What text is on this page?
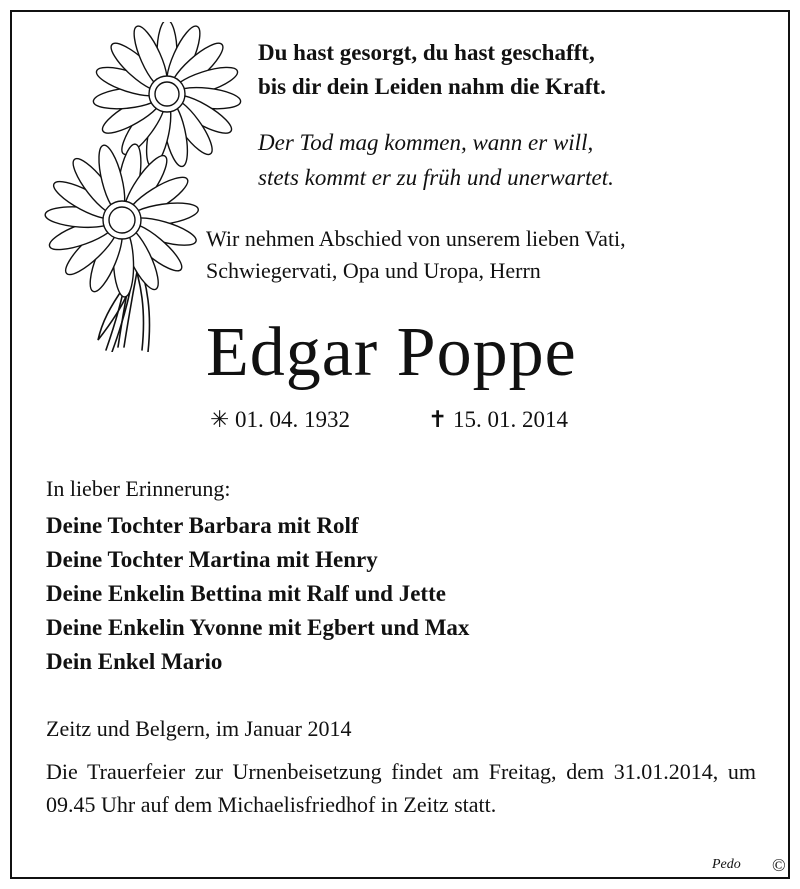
Du hast gesorgt, du hast geschafft,
bis dir dein Leiden nahm die Kraft.
Der Tod mag kommen, wann er will,
stets kommt er zu früh und unerwartet.
Wir nehmen Abschied von unserem lieben Vati,
Schwiegervati, Opa und Uropa, Herrn
Edgar Poppe
✳ 01. 04. 1932	✝ 15. 01. 2014
In lieber Erinnerung:
Deine Tochter Barbara mit Rolf
Deine Tochter Martina mit Henry
Deine Enkelin Bettina mit Ralf und Jette
Deine Enkelin Yvonne mit Egbert und Max
Dein Enkel Mario
Zeitz und Belgern, im Januar 2014
Die Trauerfeier zur Urnenbeisetzung findet am Freitag, dem 31.01.2014, um 09.45 Uhr auf dem Michaelisfriedhof in Zeitz statt.
Pedo ©
